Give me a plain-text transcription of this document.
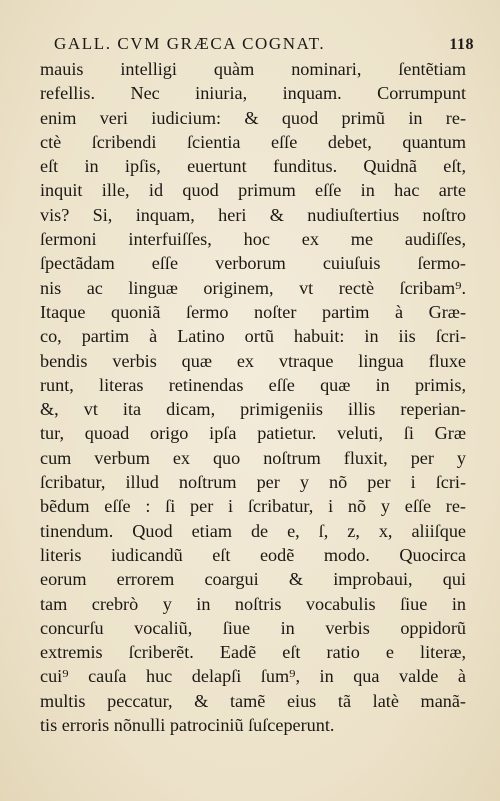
GALL. CVM GRÆCA COGNAT.	118
mauis intelligi quàm nominari, ſentẽtiam
refellis. Nec iniuria, inquam. Corrumpunt
enim veri iudicium: & quod primũ in re-
ctè ſcribendi ſcientia eſſe debet, quantum
eſt in ipſis, euertunt funditus. Quidnã eſt,
inquit ille, id quod primum eſſe in hac arte
vis? Si, inquam, heri & nudiuſtertius noſtro
ſermoni interfuiſſes, hoc ex me audiſſes,
ſpectãdam eſſe verborum cuiuſuis ſermo-
nis ac linguæ originem, vt rectè ſcribam⁹.
Itaque quoniã ſermo noſter partim à Græ-
co, partim à Latino ortũ habuit: in iis ſcri-
bendis verbis quæ ex vtraque lingua fluxe
runt, literas retinendas eſſe quæ in primis,
&, vt ita dicam, primigeniis illis reperian-
tur, quoad origo ipſa patietur. veluti, ſi Græ
cum verbum ex quo noſtrum fluxit, per y
ſcribatur, illud noſtrum per y nõ per i ſcri-
bẽdum eſſe : ſi per i ſcribatur, i nõ y eſſe re-
tinendum. Quod etiam de e, ſ, z, x, aliiſque
literis iudicandũ eſt eodẽ modo. Quocirca
eorum errorem coargui & improbaui, qui
tam crebrò y in noſtris vocabulis ſiue in
concurſu vocaliũ, ſiue in verbis oppidorũ
extremis ſcriberẽt. Eadẽ eſt ratio e literæ,
cui⁹ cauſa huc delapſi ſum⁹, in qua valde à
multis peccatur, & tamẽ eius tã latè manã-
tis erroris nõnulli patrociniũ ſuſceperunt.
